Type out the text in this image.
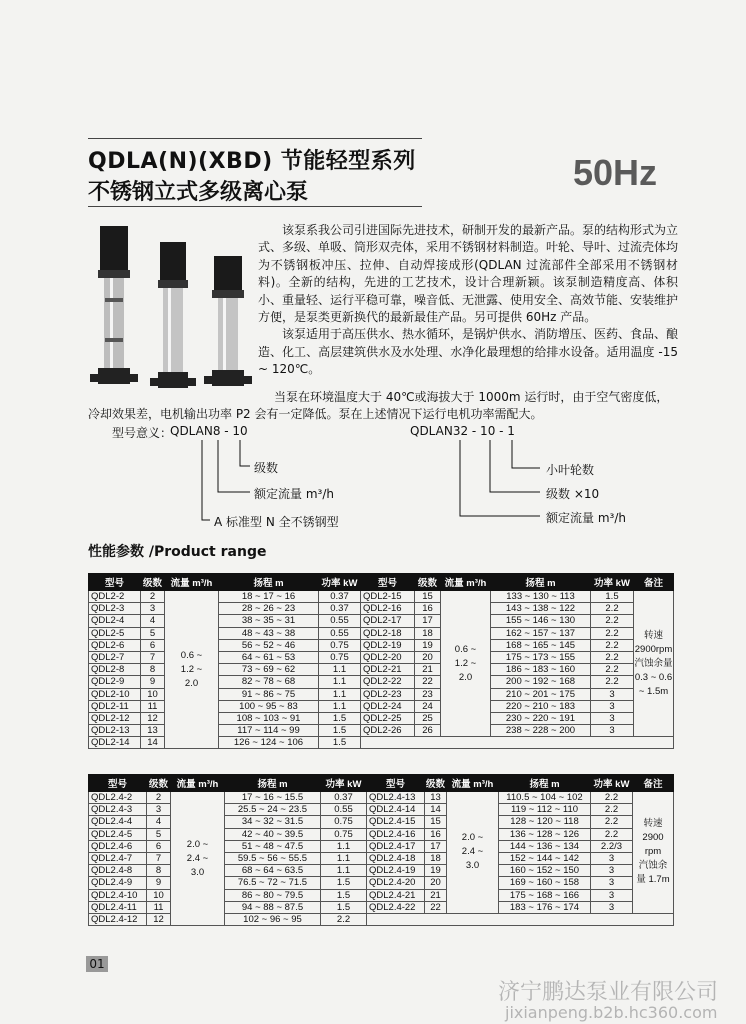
QDLA(N)(XBD) 节能轻型系列
不锈钢立式多级离心泵	50Hz

该泵系我公司引进国际先进技术，研制开发的最新产品。泵的结构形式为立式、多级、单吸、筒形双壳体，采用不锈钢材料制造。叶轮、导叶、过流壳体均为不锈钢板冲压、拉伸、自动焊接成形(QDLAN 过流部件全部采用不锈钢材料)。全新的结构，先进的工艺技术，设计合理新颖。该泵制造精度高、体积小、重量轻、运行平稳可靠，噪音低、无泄露、使用安全、高效节能、安装维护方便，是泵类更新换代的最新最佳产品。另可提供 60Hz 产品。

该泵适用于高压供水、热水循环，是锅炉供水、消防增压、医药、食品、酿造、化工、高层建筑供水及水处理、水净化最理想的给排水设备。适用温度 -15 ~ 120℃。

当泵在环境温度大于 40℃或海拔大于 1000m 运行时，由于空气密度低，冷却效果差，电机输出功率 P2 会有一定降低。泵在上述情况下运行电机功率需配大。

型号意义：
QDLAN8 - 10	QDLAN32 - 10 - 1
级数
额定流量 m³/h
A 标准型 N 全不锈钢型
小叶轮数
级数 ×10
额定流量 m³/h
性能参数 /Product range
型号	级数	流量 m³/h	扬程 m	功率 kW	型号	级数	流量 m³/h	扬程 m	功率 kW	备注
QDL2-2	2	0.6 ~
1.2 ~
2.0	18 ~ 17 ~ 16	0.37	QDL2-15	15	0.6 ~
1.2 ~
2.0	133 ~ 130 ~ 113	1.5	转速
2900rpm
汽蚀余量
0.3 ~ 0.6
~ 1.5m
QDL2-3	3		28 ~ 26 ~ 23	0.37	QDL2-16	16		143 ~ 138 ~ 122	2.2	
QDL2-4	4		38 ~ 35 ~ 31	0.55	QDL2-17	17		155 ~ 146 ~ 130	2.2	
QDL2-5	5		48 ~ 43 ~ 38	0.55	QDL2-18	18		162 ~ 157 ~ 137	2.2	
QDL2-6	6		56 ~ 52 ~ 46	0.75	QDL2-19	19		168 ~ 165 ~ 145	2.2	
QDL2-7	7		64 ~ 61 ~ 53	0.75	QDL2-20	20		175 ~ 173 ~ 155	2.2	
QDL2-8	8		73 ~ 69 ~ 62	1.1	QDL2-21	21		186 ~ 183 ~ 160	2.2	
QDL2-9	9		82 ~ 78 ~ 68	1.1	QDL2-22	22		200 ~ 192 ~ 168	2.2	
QDL2-10	10		91 ~ 86 ~ 75	1.1	QDL2-23	23		210 ~ 201 ~ 175	3	
QDL2-11	11		100 ~ 95 ~ 83	1.1	QDL2-24	24		220 ~ 210 ~ 183	3	
QDL2-12	12		108 ~ 103 ~ 91	1.5	QDL2-25	25		230 ~ 220 ~ 191	3	
QDL2-13	13		117 ~ 114 ~ 99	1.5	QDL2-26	26		238 ~ 228 ~ 200	3	
QDL2-14	14		126 ~ 124 ~ 106	1.5						
型号	级数	流量 m³/h	扬程 m	功率 kW	型号	级数	流量 m³/h	扬程 m	功率 kW	备注
QDL2.4-2	2	2.0 ~
2.4 ~
3.0	17 ~ 16 ~ 15.5	0.37	QDL2.4-13	13	2.0 ~
2.4 ~
3.0	110.5 ~ 104 ~ 102	2.2	转速
2900
rpm
汽蚀余
量 1.7m
QDL2.4-3	3		25.5 ~ 24 ~ 23.5	0.55	QDL2.4-14	14		119 ~ 112 ~ 110	2.2	
QDL2.4-4	4		34 ~ 32 ~ 31.5	0.75	QDL2.4-15	15		128 ~ 120 ~ 118	2.2	
QDL2.4-5	5		42 ~ 40 ~ 39.5	0.75	QDL2.4-16	16		136 ~ 128 ~ 126	2.2	
QDL2.4-6	6		51 ~ 48 ~ 47.5	1.1	QDL2.4-17	17		144 ~ 136 ~ 134	2.2/3	
QDL2.4-7	7		59.5 ~ 56 ~ 55.5	1.1	QDL2.4-18	18		152 ~ 144 ~ 142	3	
QDL2.4-8	8		68 ~ 64 ~ 63.5	1.1	QDL2.4-19	19		160 ~ 152 ~ 150	3	
QDL2.4-9	9		76.5 ~ 72 ~ 71.5	1.5	QDL2.4-20	20		169 ~ 160 ~ 158	3	
QDL2.4-10	10		86 ~ 80 ~ 79.5	1.5	QDL2.4-21	21		175 ~ 168 ~ 166	3	
QDL2.4-11	11		94 ~ 88 ~ 87.5	1.5	QDL2.4-22	22		183 ~ 176 ~ 174	3	
QDL2.4-12	12		102 ~ 96 ~ 95	2.2						
01
济宁鹏达泵业有限公司
jixianpeng.b2b.hc360.com
